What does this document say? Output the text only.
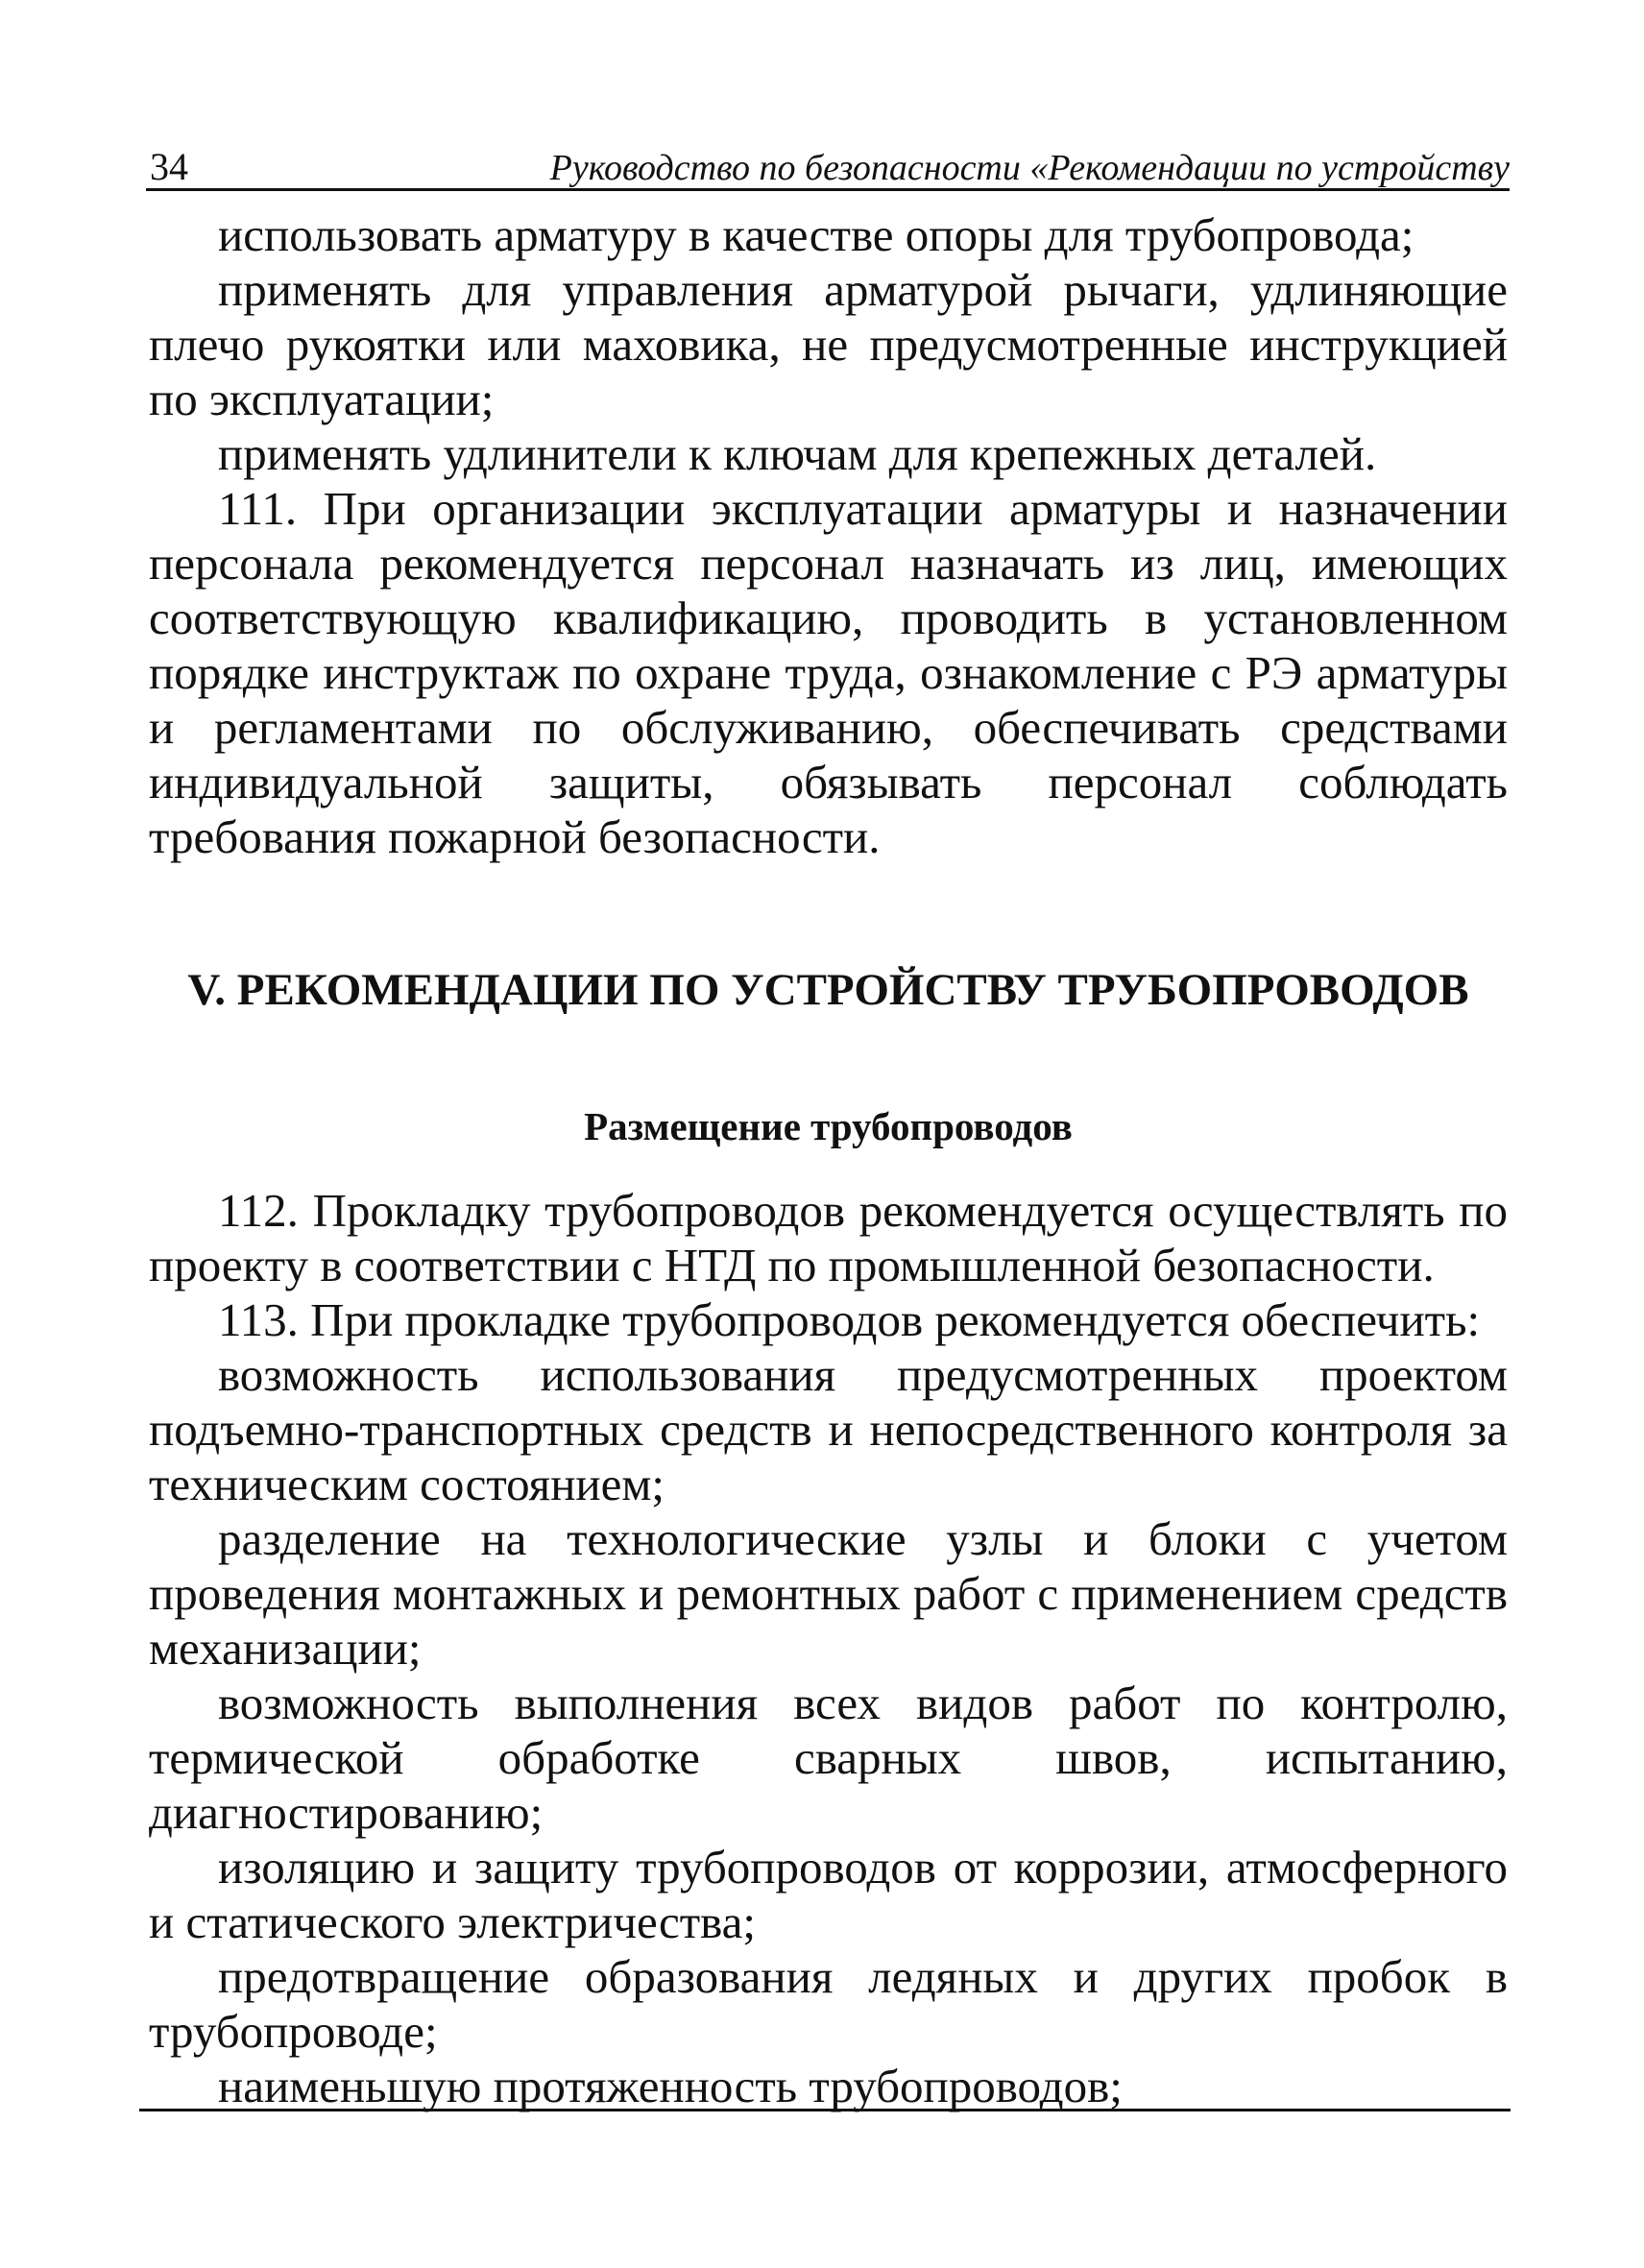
34	Руководство по безопасности «Рекомендации по устройству

использовать арматуру в качестве опоры для трубопровода;

применять для управления арматурой рычаги, удлиняющие плечо рукоятки или маховика, не предусмотренные инструкцией по эксплуатации;

применять удлинители к ключам для крепежных деталей.

111. При организации эксплуатации арматуры и назначении персонала рекомендуется персонал назначать из лиц, имеющих соответствующую квалификацию, проводить в установленном порядке инструктаж по охране труда, ознакомление с РЭ арматуры и регламентами по обслуживанию, обеспечивать средствами индивидуальной защиты, обязывать персонал соблюдать требования пожарной безопасности.

V. РЕКОМЕНДАЦИИ ПО УСТРОЙСТВУ ТРУБОПРОВОДОВ
Размещение трубопроводов

112. Прокладку трубопроводов рекомендуется осуществлять по проекту в соответствии с НТД по промышленной безопасности.

113. При прокладке трубопроводов рекомендуется обеспечить:

возможность использования предусмотренных проектом подъемно-транспортных средств и непосредственного контроля за техническим состоянием;

разделение на технологические узлы и блоки с учетом проведения монтажных и ремонтных работ с применением средств механизации;

возможность выполнения всех видов работ по контролю, термической обработке сварных швов, испытанию, диагностированию;

изоляцию и защиту трубопроводов от коррозии, атмосферного и статического электричества;

предотвращение образования ледяных и других пробок в трубопроводе;

наименьшую протяженность трубопроводов;
